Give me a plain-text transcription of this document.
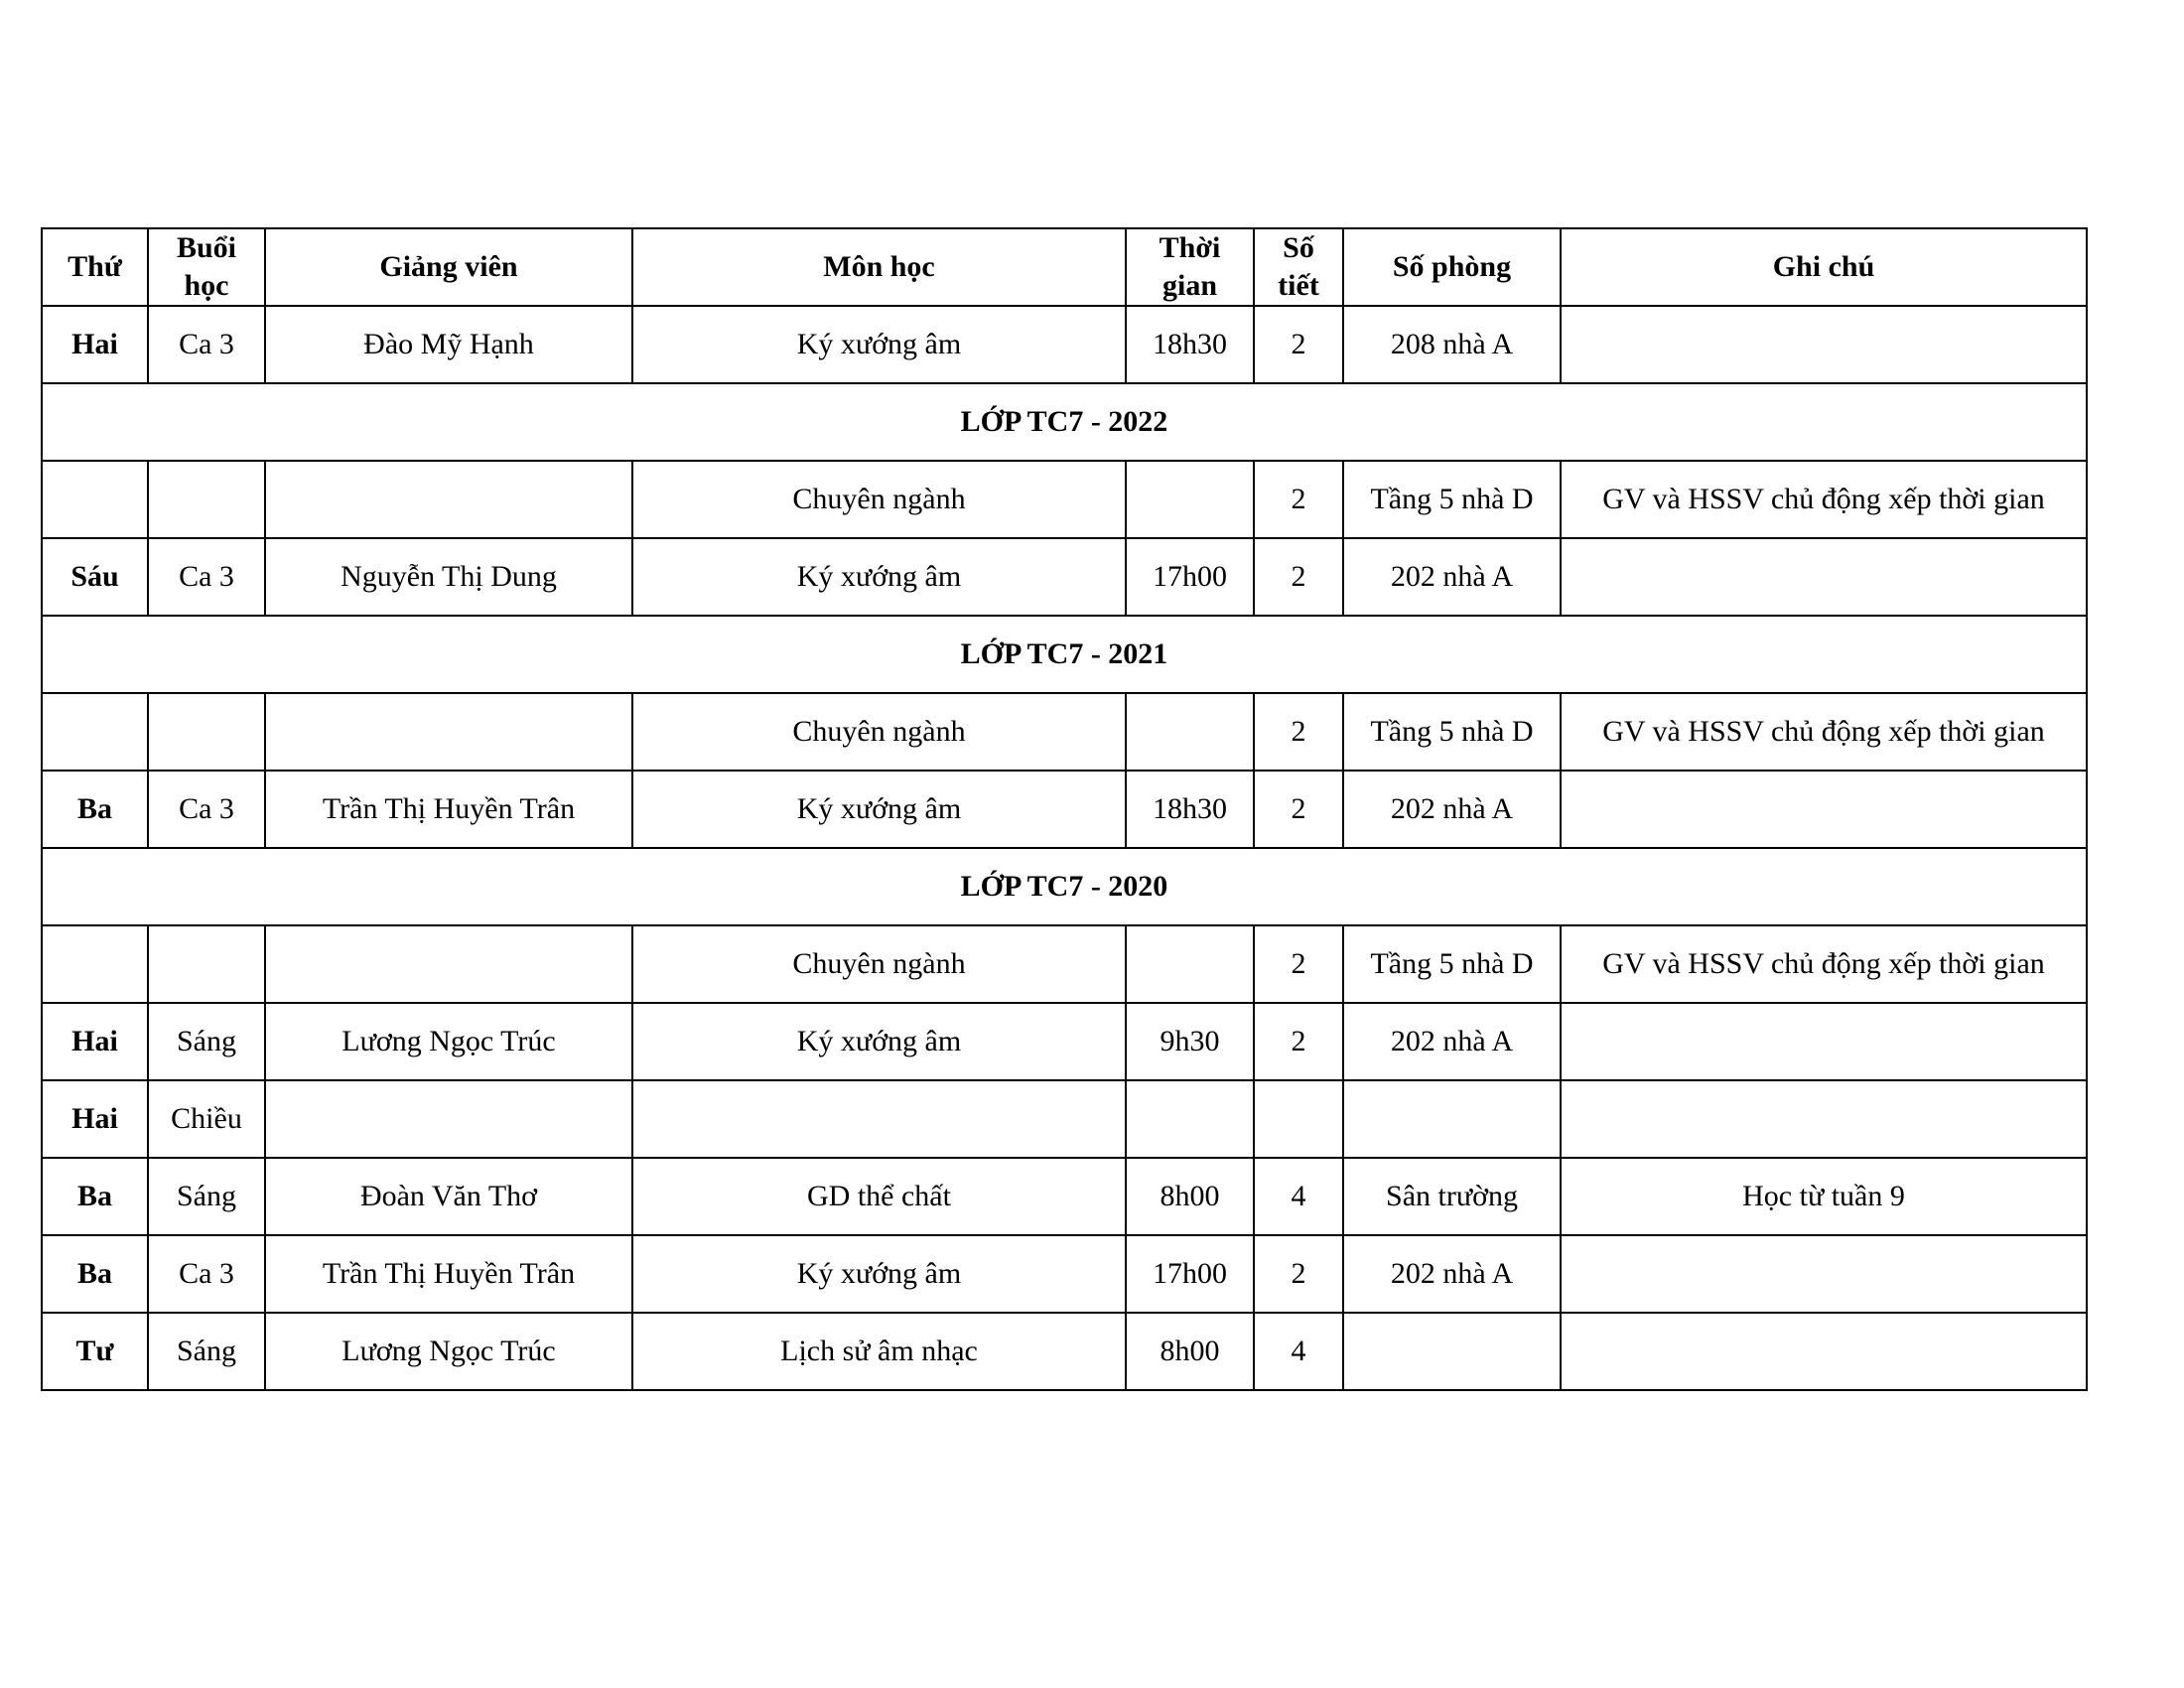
Thứ	Buổi học	Giảng viên	Môn học	Thời gian	Số tiết	Số phòng	Ghi chú
Hai	Ca 3	Đào Mỹ Hạnh	Ký xướng âm	18h30	2	208 nhà A	
LỚP TC7 - 2022							
			Chuyên ngành		2	Tầng 5 nhà D	GV và HSSV chủ động xếp thời gian
Sáu	Ca 3	Nguyễn Thị Dung	Ký xướng âm	17h00	2	202 nhà A	
LỚP TC7 - 2021							
			Chuyên ngành		2	Tầng 5 nhà D	GV và HSSV chủ động xếp thời gian
Ba	Ca 3	Trần Thị Huyền Trân	Ký xướng âm	18h30	2	202 nhà A	
LỚP TC7 - 2020							
			Chuyên ngành		2	Tầng 5 nhà D	GV và HSSV chủ động xếp thời gian
Hai	Sáng	Lương Ngọc Trúc	Ký xướng âm	9h30	2	202 nhà A	
Hai	Chiều						
Ba	Sáng	Đoàn Văn Thơ	GD thể chất	8h00	4	Sân trường	Học từ tuần 9
Ba	Ca 3	Trần Thị Huyền Trân	Ký xướng âm	17h00	2	202 nhà A	
Tư	Sáng	Lương Ngọc Trúc	Lịch sử âm nhạc	8h00	4		
